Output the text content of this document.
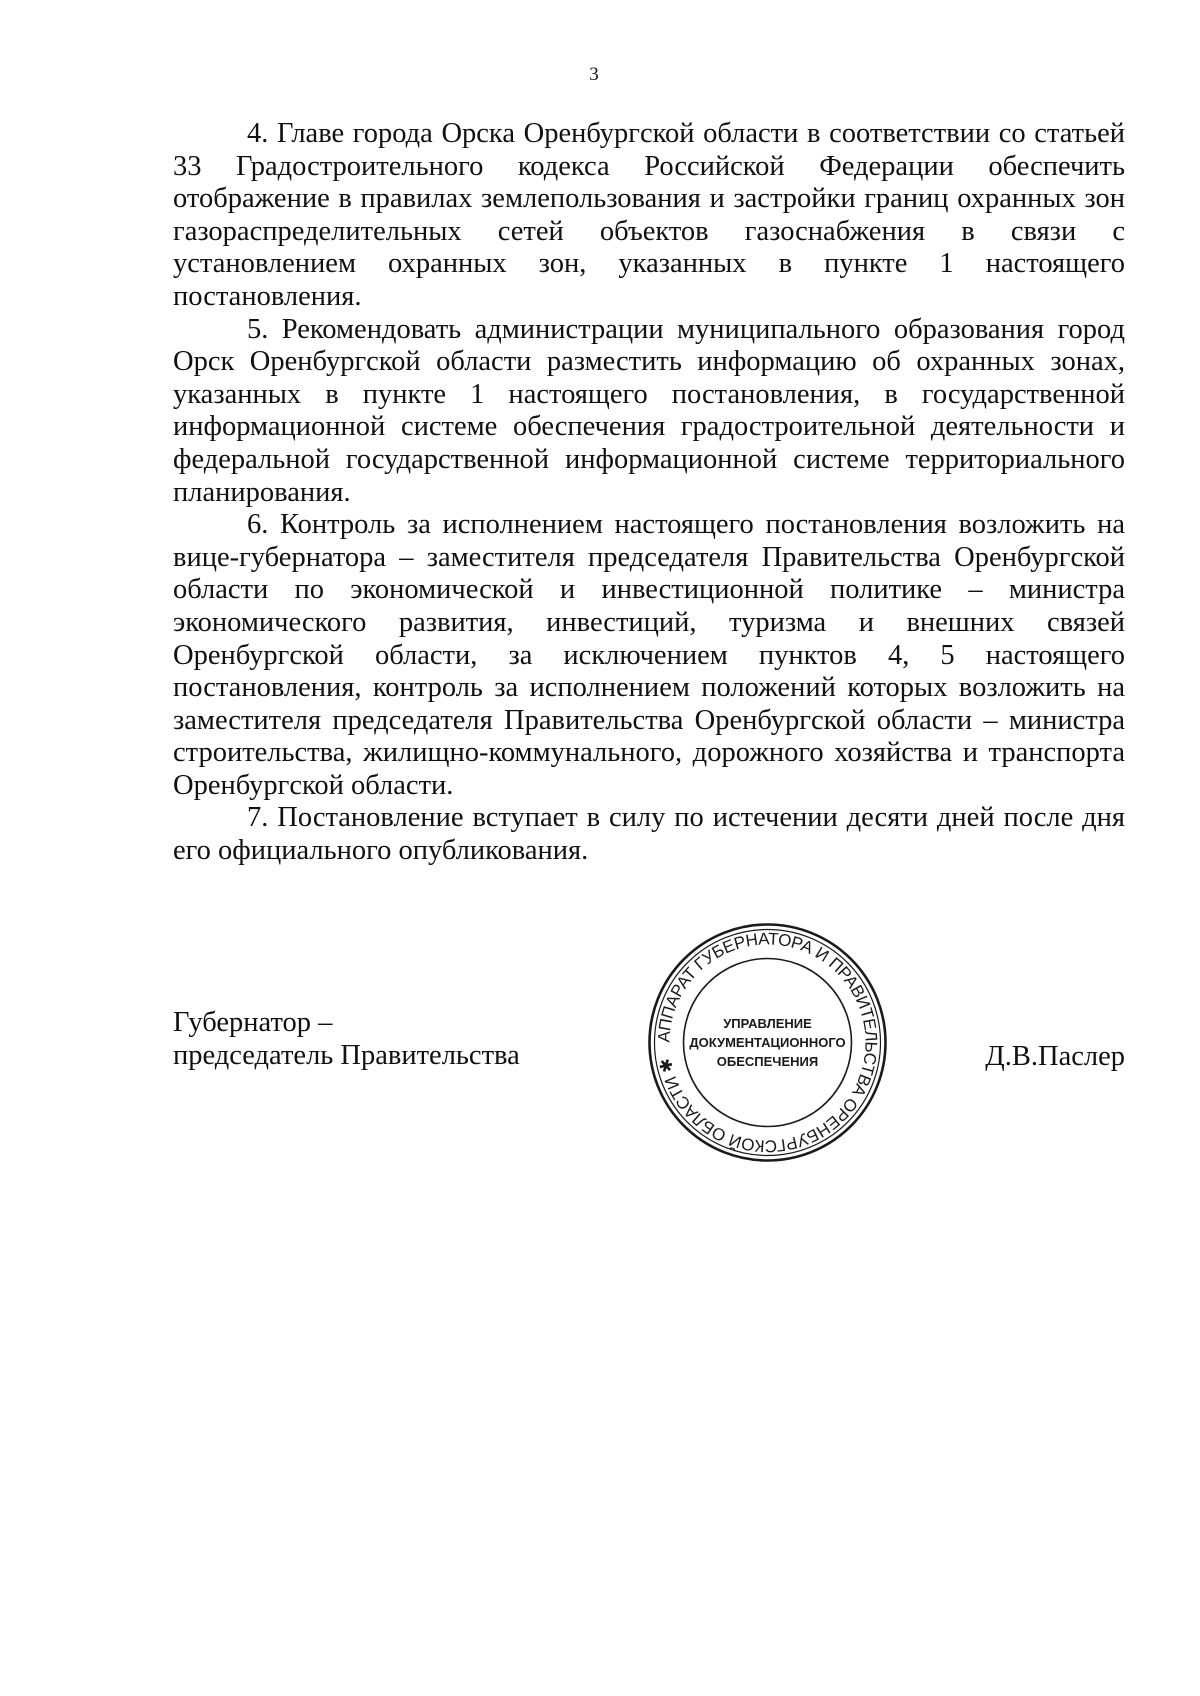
3

4. Главе города Орска Оренбургской области в соответствии со статьей 33 Градостроительного кодекса Российской Федерации обеспечить отображение в правилах землепользования и застройки границ охранных зон газораспределительных сетей объектов газоснабжения в связи с установлением охранных зон, указанных в пункте 1 настоящего постановления.

5. Рекомендовать администрации муниципального образования город Орск Оренбургской области разместить информацию об охранных зонах, указанных в пункте 1 настоящего постановления, в государственной информационной системе обеспечения градостроительной деятельности и федеральной государственной информационной системе территориального планирования.

6. Контроль за исполнением настоящего постановления возложить на вице-губернатора – заместителя председателя Правительства Оренбургской области по экономической и инвестиционной политике – министра экономического развития, инвестиций, туризма и внешних связей Оренбургской области, за исключением пунктов 4, 5 настоящего постановления, контроль за исполнением положений которых возложить на заместителя председателя Правительства Оренбургской области – министра строительства, жилищно-коммунального, дорожного хозяйства и транспорта Оренбургской области.

7. Постановление вступает в силу по истечении десяти дней после дня его официального опубликования.

Губернатор –
председатель Правительства	Д.В.Паслер
АППАРАТ ГУБЕРНАТОРА И ПРАВИТЕЛЬСТВА ОРЕНБУРГСКОЙ ОБЛАСТИ ✱
УПРАВЛЕНИЕ
ДОКУМЕНТАЦИОННОГО
ОБЕСПЕЧЕНИЯ
